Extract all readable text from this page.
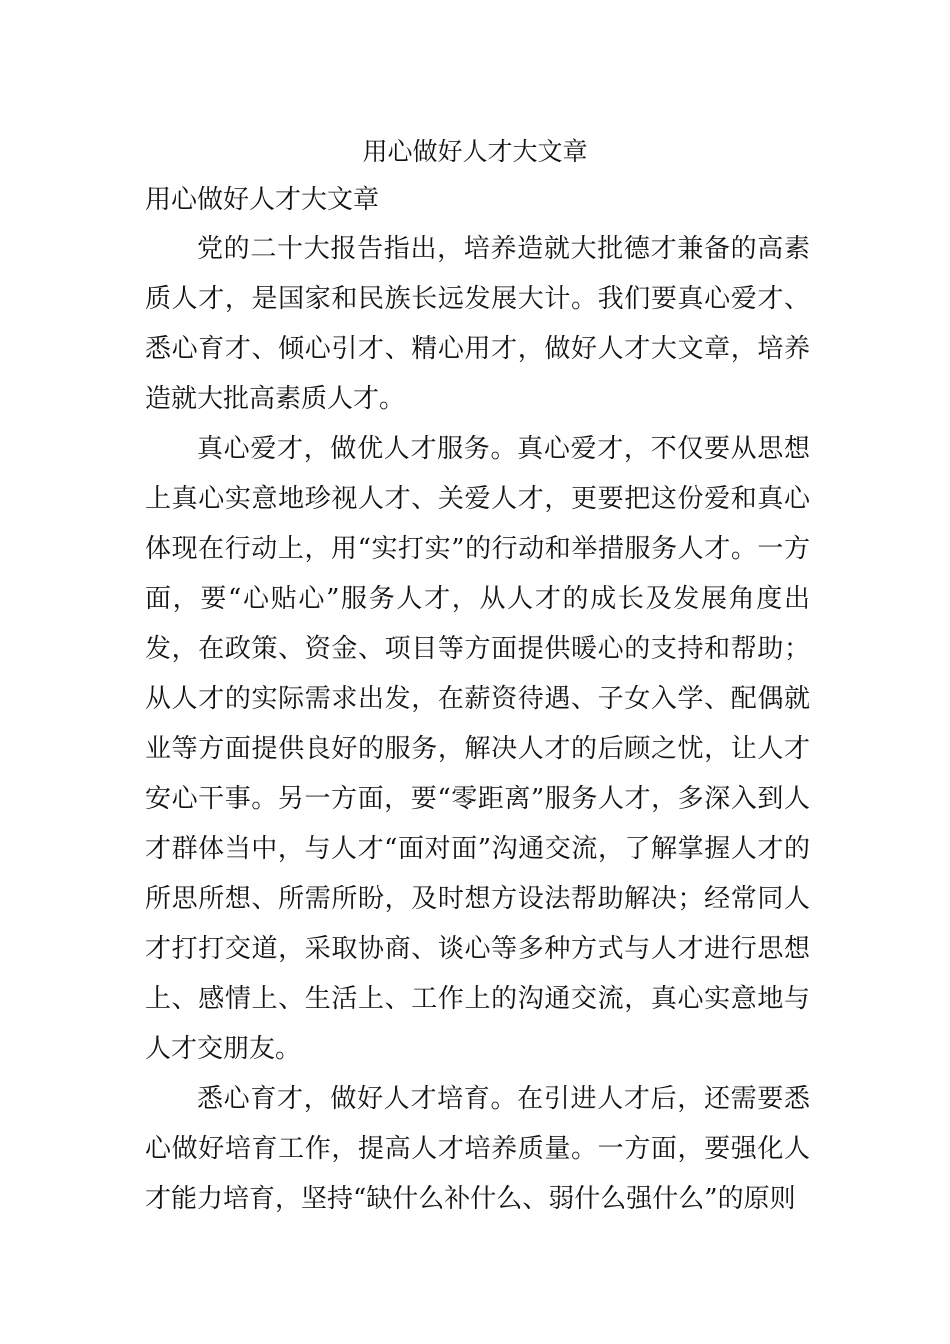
用心做好人才大文章

用心做好人才大文章

党的二十大报告指出，培养造就大批德才兼备的高素质人才，是国家和民族长远发展大计。我们要真心爱才、悉心育才、倾心引才、精心用才，做好人才大文章，培养造就大批高素质人才。

真心爱才，做优人才服务。真心爱才，不仅要从思想上真心实意地珍视人才、关爱人才，更要把这份爱和真心体现在行动上，用“实打实”的行动和举措服务人才。一方面，要“心贴心”服务人才，从人才的成长及发展角度出发，在政策、资金、项目等方面提供暖心的支持和帮助；从人才的实际需求出发，在薪资待遇、子女入学、配偶就业等方面提供良好的服务，解决人才的后顾之忧，让人才安心干事。另一方面，要“零距离”服务人才，多深入到人才群体当中，与人才“面对面”沟通交流，了解掌握人才的所思所想、所需所盼，及时想方设法帮助解决；经常同人才打打交道，采取协商、谈心等多种方式与人才进行思想上、感情上、生活上、工作上的沟通交流，真心实意地与人才交朋友。

悉心育才，做好人才培育。在引进人才后，还需要悉心做好培育工作，提高人才培养质量。一方面，要强化人才能力培育，坚持“缺什么补什么、弱什么强什么”的原则
